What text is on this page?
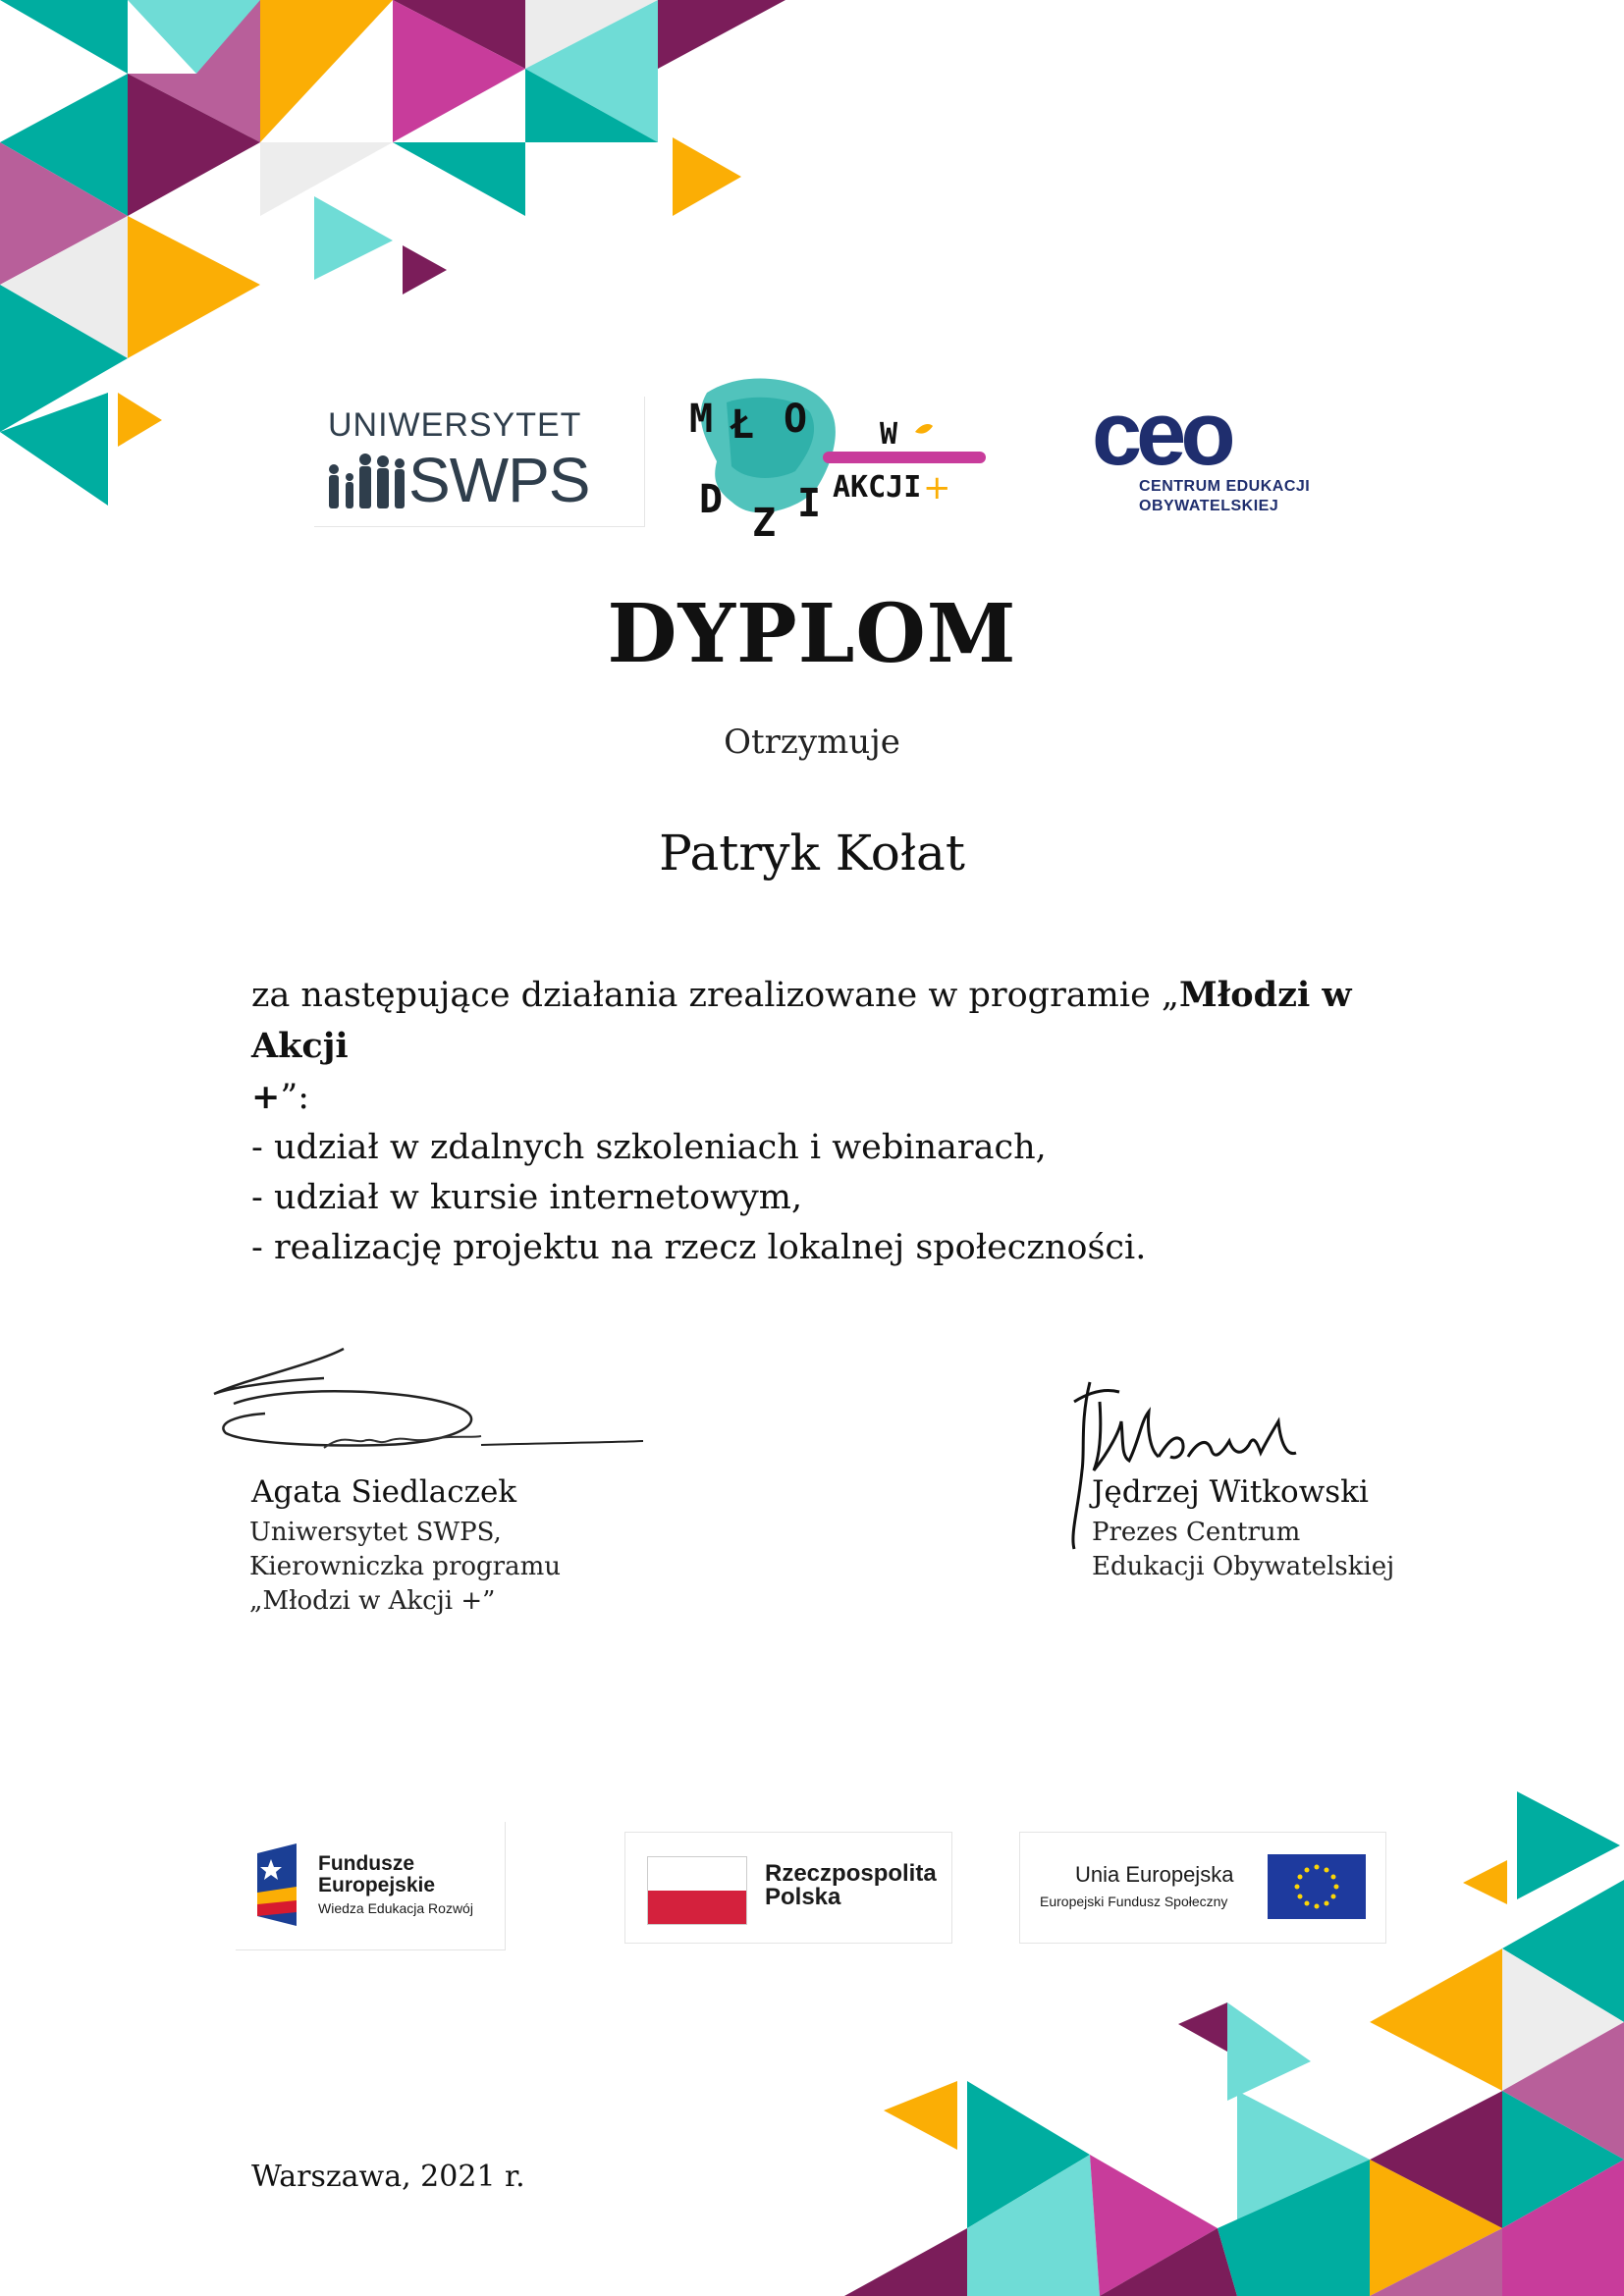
UNIWERSYTET
SWPS
M Ł O
D
Z I
W
AKCJI +
ceo
CENTRUM EDUKACJI
OBYWATELSKIEJ
DYPLOM
Otrzymuje
Patryk Kołat
za następujące działania zrealizowane w programie „Młodzi w Akcji
+”:
- udział w zdalnych szkoleniach i webinarach,
- udział w kursie internetowym,
- realizację projektu na rzecz lokalnej społeczności.
Agata Siedlaczek
Uniwersytet SWPS,
Kierowniczka programu
„Młodzi w Akcji +”
Jędrzej Witkowski
Prezes Centrum
Edukacji Obywatelskiej
Fundusze
Europejskie
Wiedza Edukacja Rozwój
Rzeczpospolita
Polska
Unia Europejska
Europejski Fundusz Społeczny
Warszawa, 2021 r.
